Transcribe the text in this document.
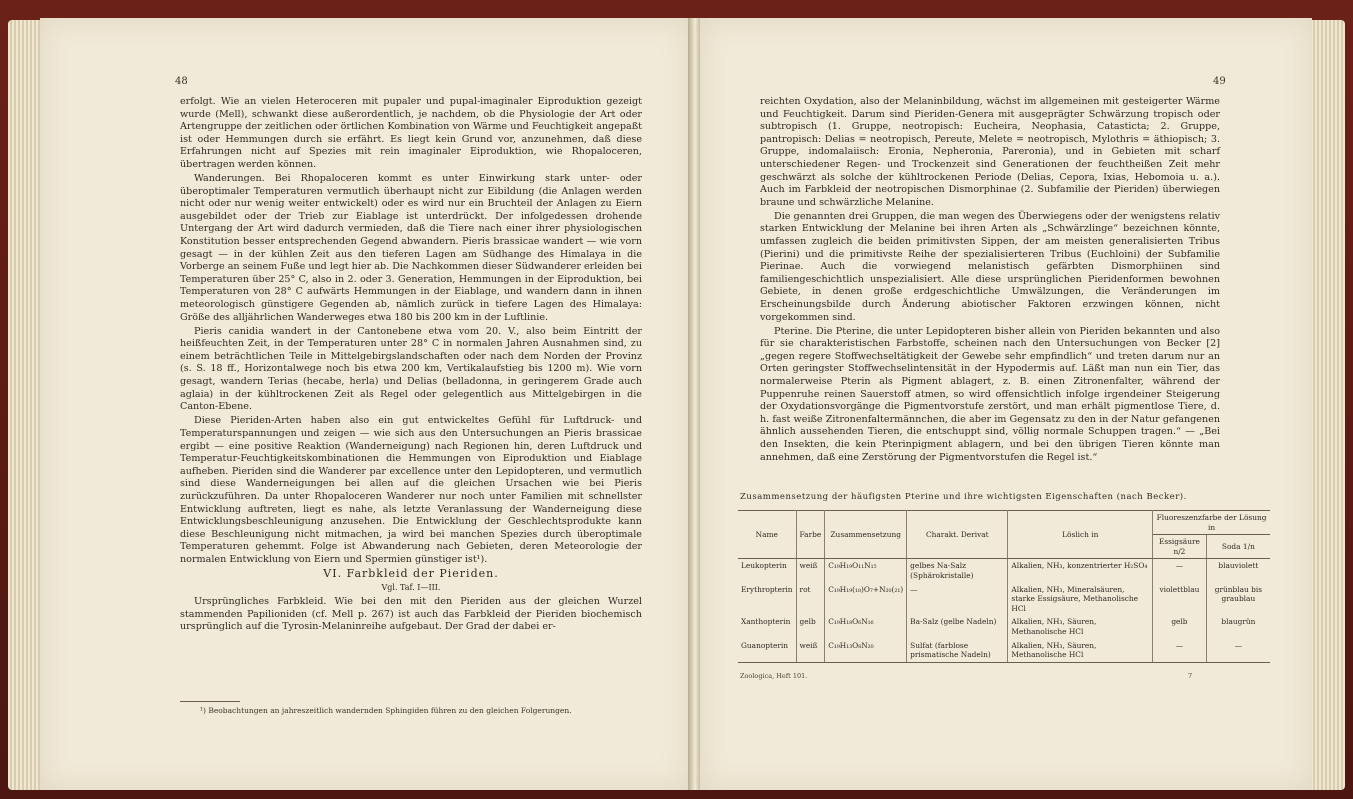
48

erfolgt. Wie an vielen Heteroceren mit pupaler und pupal-imaginaler Eiproduktion gezeigt wurde (Mell), schwankt diese außerordentlich, je nachdem, ob die Physiologie der Art oder Artengruppe der zeitlichen oder örtlichen Kombination von Wärme und Feuchtigkeit angepaßt ist oder Hemmungen durch sie erfährt. Es liegt kein Grund vor, anzunehmen, daß diese Erfahrungen nicht auf Spezies mit rein imaginaler Eiproduktion, wie Rhopaloceren, übertragen werden können.

Wanderungen. Bei Rhopaloceren kommt es unter Einwirkung stark unter- oder überoptimaler Temperaturen vermutlich überhaupt nicht zur Eibildung (die Anlagen werden nicht oder nur wenig weiter entwickelt) oder es wird nur ein Bruchteil der Anlagen zu Eiern ausgebildet oder der Trieb zur Eiablage ist unterdrückt. Der infolgedessen drohende Untergang der Art wird dadurch vermieden, daß die Tiere nach einer ihrer physiologischen Konstitution besser entsprechenden Gegend abwandern. Pieris brassicae wandert — wie vorn gesagt — in der kühlen Zeit aus den tieferen Lagen am Südhange des Himalaya in die Vorberge an seinem Fuße und legt hier ab. Die Nachkommen dieser Südwanderer erleiden bei Temperaturen über 25° C, also in 2. oder 3. Generation, Hemmungen in der Eiproduktion, bei Temperaturen von 28° C aufwärts Hemmungen in der Eiablage, und wandern dann in ihnen meteorologisch günstigere Gegenden ab, nämlich zurück in tiefere Lagen des Himalaya: Größe des alljährlichen Wanderweges etwa 180 bis 200 km in der Luftlinie.

Pieris canidia wandert in der Cantonebene etwa vom 20. V., also beim Eintritt der heißfeuchten Zeit, in der Temperaturen unter 28° C in normalen Jahren Ausnahmen sind, zu einem beträchtlichen Teile in Mittelgebirgslandschaften oder nach dem Norden der Provinz (s. S. 18 ff., Horizontalwege noch bis etwa 200 km, Vertikalaufstieg bis 1200 m). Wie vorn gesagt, wandern Terias (hecabe, herla) und Delias (belladonna, in geringerem Grade auch aglaia) in der kühltrockenen Zeit als Regel oder gelegentlich aus Mittelgebirgen in die Canton-Ebene.

Diese Pieriden-Arten haben also ein gut entwickeltes Gefühl für Luftdruck- und Temperaturspannungen und zeigen — wie sich aus den Untersuchungen an Pieris brassicae ergibt — eine positive Reaktion (Wanderneigung) nach Regionen hin, deren Luftdruck und Temperatur-Feuchtigkeitskombinationen die Hemmungen von Eiproduktion und Eiablage aufheben. Pieriden sind die Wanderer par excellence unter den Lepidopteren, und vermutlich sind diese Wanderneigungen bei allen auf die gleichen Ursachen wie bei Pieris zurückzuführen. Da unter Rhopaloceren Wanderer nur noch unter Familien mit schnellster Entwicklung auftreten, liegt es nahe, als letzte Veranlassung der Wanderneigung diese Entwicklungsbeschleunigung anzusehen. Die Entwicklung der Geschlechtsprodukte kann diese Beschleunigung nicht mitmachen, ja wird bei manchen Spezies durch überoptimale Temperaturen gehemmt. Folge ist Abwanderung nach Gebieten, deren Meteorologie der normalen Entwicklung von Eiern und Spermien günstiger ist¹).

VI. Farbkleid der Pieriden.

Vgl. Taf. I—III.

Ursprüngliches Farbkleid. Wie bei den mit den Pieriden aus der gleichen Wurzel stammenden Papilioniden (cf. Mell p. 267) ist auch das Farbkleid der Pieriden biochemisch ursprünglich auf die Tyrosin-Melaninreihe aufgebaut. Der Grad der dabei er-

¹) Beobachtungen an jahreszeitlich wandernden Sphingiden führen zu den gleichen Folgerungen.
49

reichten Oxydation, also der Melaninbildung, wächst im allgemeinen mit gesteigerter Wärme und Feuchtigkeit. Darum sind Pieriden-Genera mit ausgeprägter Schwärzung tropisch oder subtropisch (1. Gruppe, neotropisch: Eucheira, Neophasia, Catasticta; 2. Gruppe, pantropisch: Delias = neotropisch, Pereute, Melete = neotropisch, Mylothris = äthiopisch; 3. Gruppe, indomalaiisch: Eronia, Nepheronia, Pareronia), und in Gebieten mit scharf unterschiedener Regen- und Trockenzeit sind Generationen der feuchtheißen Zeit mehr geschwärzt als solche der kühltrockenen Periode (Delias, Cepora, Ixias, Hebomoia u. a.). Auch im Farbkleid der neotropischen Dismorphinae (2. Subfamilie der Pieriden) überwiegen braune und schwärzliche Melanine.

Die genannten drei Gruppen, die man wegen des Überwiegens oder der wenigstens relativ starken Entwicklung der Melanine bei ihren Arten als „Schwärzlinge“ bezeichnen könnte, umfassen zugleich die beiden primitivsten Sippen, der am meisten generalisierten Tribus (Pierini) und die primitivste Reihe der spezialisierteren Tribus (Euchloini) der Subfamilie Pierinae. Auch die vorwiegend melanistisch gefärbten Dismorphiinen sind familiengeschichtlich unspezialisiert. Alle diese ursprünglichen Pieridenformen bewohnen Gebiete, in denen große erdgeschichtliche Umwälzungen, die Veränderungen im Erscheinungsbilde durch Änderung abiotischer Faktoren erzwingen können, nicht vorgekommen sind.

Pterine. Die Pterine, die unter Lepidopteren bisher allein von Pieriden bekannten und also für sie charakteristischen Farbstoffe, scheinen nach den Untersuchungen von Becker [2] „gegen regere Stoffwechseltätigkeit der Gewebe sehr empfindlich“ und treten darum nur an Orten geringster Stoffwechselintensität in der Hypodermis auf. Läßt man nun ein Tier, das normalerweise Pterin als Pigment ablagert, z. B. einen Zitronenfalter, während der Puppenruhe reinen Sauerstoff atmen, so wird offensichtlich infolge irgendeiner Steigerung der Oxydationsvorgänge die Pigmentvorstufe zerstört, und man erhält pigmentlose Tiere, d. h. fast weiße Zitronenfaltermännchen, die aber im Gegensatz zu den in der Natur gefangenen ähnlich aussehenden Tieren, die entschuppt sind, völlig normale Schuppen tragen.“ — „Bei den Insekten, die kein Pterinpigment ablagern, und bei den übrigen Tieren könnte man annehmen, daß eine Zerstörung der Pigmentvorstufen die Regel ist.“

Zusammensetzung der häufigsten Pterine und ihre wichtigsten Eigenschaften (nach Becker).
Name	Farbe	Zusammensetzung	Charakt. Derivat	Löslich in	Fluoreszenzfarbe der Lösung in	
					Essigsäure n/2	Soda 1/n
Leukopterin	weiß	C₁₉H₁₉O₁₁N₁₅	gelbes Na-Salz (Sphärokristalle)	Alkalien, NH₃, konzentrierter H₂SO₄	—	blauviolett
Erythropterin	rot	C₁₉H₁₉(₁₈)O₇+N₂₀(₂₁)	—	Alkalien, NH₃, Mineralsäuren, starke Essigsäure, Methanolische HCl	violettblau	grünblau bis graublau
Xanthopterin	gelb	C₁₉H₁₈O₆N₁₆	Ba-Salz (gelbe Nadeln)	Alkalien, NH₃, Säuren, Methanolische HCl	gelb	blaugrün
Guanopterin	weiß	C₁₉H₁₃O₈N₂₀	Sulfat (farblose prismatische Nadeln)	Alkalien, NH₃, Säuren, Methanolische HCl	—	—
Zoologica, Heft 101.	7
